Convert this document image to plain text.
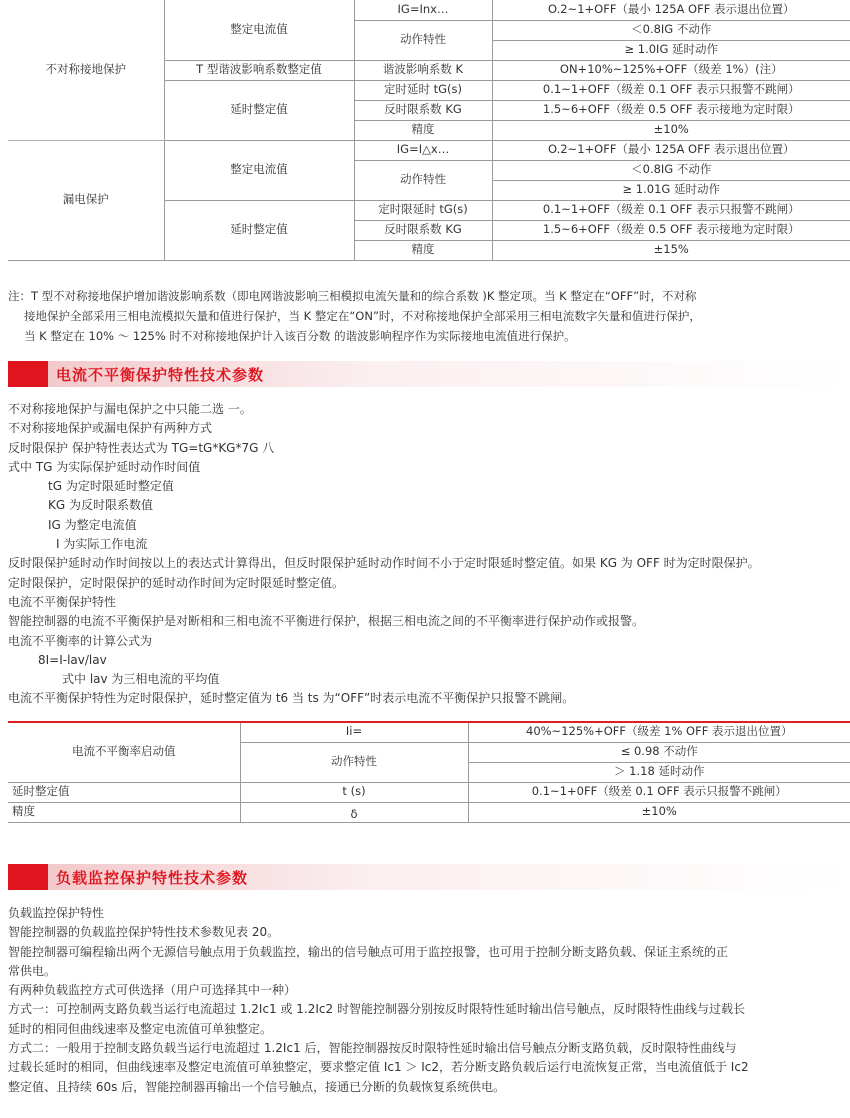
不对称接地保护	整定电流值	IG=Inx…	O.2~1+OFF（最小 125A OFF 表示退出位置）
		动作特性	＜0.8IG 不动作
			≥ 1.0IG 延时动作
	T 型谐波影响系数整定值	谐波影响系数 K	ON+10%~125%+OFF（级差 1%）(注）
	延时整定值	定时延时 tG(s)	0.1~1+OFF（级差 0.1 OFF 表示只报警不跳闸）
		反时限系数 KG	1.5~6+OFF（级差 0.5 OFF 表示接地为定时限）
		精度	±10%
漏电保护	整定电流值	IG=I△x…	O.2~1+OFF（最小 125A OFF 表示退出位置）
		动作特性	＜0.8IG 不动作
			≥ 1.01G 延时动作
	延时整定值	定时限延时 tG(s)	0.1~1+OFF（级差 0.1 OFF 表示只报警不跳闸）
		反时限系数 KG	1.5~6+OFF（级差 0.5 OFF 表示接地为定时限）
		精度	±15%

注：T 型不对称接地保护增加谐波影响系数（即电网谐波影响三相模拟电流矢量和的综合系数 )K 整定项。当 K 整定在“OFF”时，不对称

接地保护全部采用三相电流模拟矢量和值进行保护，当 K 整定在“ON”时，不对称接地保护全部采用三相电流数字矢量和值进行保护，

当 K 整定在 10% ～ 125% 时不对称接地保护计入该百分数 的谐波影响程序作为实际接地电流值进行保护。

电流不平衡保护特性技术参数

不对称接地保护与漏电保护之中只能二选 一。

不对称接地保护或漏电保护有两种方式

反时限保护 保护特性表达式为 TG=tG*KG*7G 八

式中 TG 为实际保护延时动作时间值

tG 为定时限延时整定值

KG 为反时限系数值

IG 为整定电流值

I 为实际工作电流

反时限保护延时动作时间按以上的表达式计算得出，但反时限保护延时动作时间不小于定时限延时整定值。如果 KG 为 OFF 时为定时限保护。

定时限保护，定时限保护的延时动作时间为定时限延时整定值。

电流不平衡保护特性

智能控制器的电流不平衡保护是对断相和三相电流不平衡进行保护，根据三相电流之间的不平衡率进行保护动作或报警。

电流不平衡率的计算公式为

8I=I-lav/lav

式中 lav 为三相电流的平均值

电流不平衡保护特性为定时限保护，延时整定值为 t6 当 ts 为“OFF”时表示电流不平衡保护只报警不跳闸。

电流不平衡率启动值	Ii=	40%~125%+OFF（级差 1% OFF 表示退出位置）
	动作特性	≤ 0.98 不动作
		＞ 1.18 延时动作
延时整定值	t (s)	0.1~1+0FF（级差 0.1 OFF 表示只报警不跳闸）
精度	δ	±10%
负载监控保护特性技术参数

负载监控保护特性

智能控制器的负载监控保护特性技术参数见表 20。

智能控制器可编程输出两个无源信号触点用于负载监控，输出的信号触点可用于监控报警，也可用于控制分断支路负载、保证主系统的正

常供电。

有两种负载监控方式可供选择（用户可选择其中一种）

方式一：可控制两支路负载当运行电流超过 1.2Ic1 或 1.2Ic2 时智能控制器分别按反时限特性延时输出信号触点，反时限特性曲线与过载长

延时的相同但曲线速率及整定电流值可单独整定。

方式二：一般用于控制支路负载当运行电流超过 1.2Ic1 后，智能控制器按反时限特性延时输出信号触点分断支路负载，反时限特性曲线与

过载长延时的相同，但曲线速率及整定电流值可单独整定，要求整定值 Ic1 ＞ Ic2，若分断支路负载后运行电流恢复正常，当电流值低于 Ic2

整定值、且持续 60s 后，智能控制器再输出一个信号触点，接通已分断的负载恢复系统供电。
